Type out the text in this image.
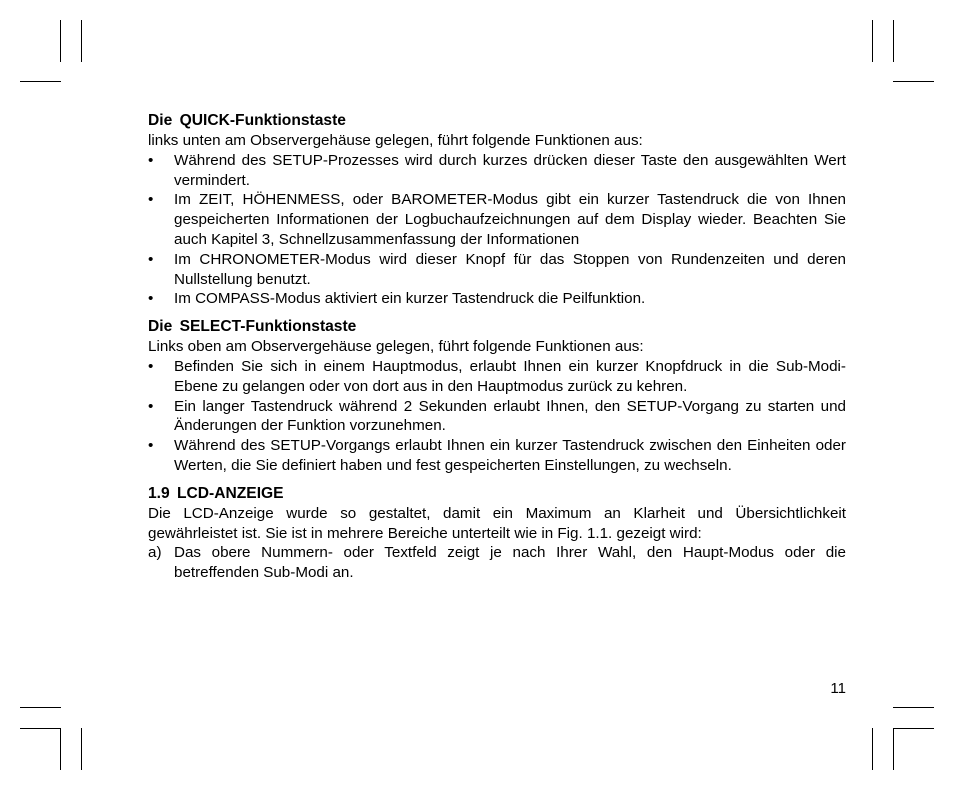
Die QUICK-Funktionstaste

links unten am Observergehäuse gelegen, führt folgende Funktionen aus:

• Während des SETUP-Prozesses wird durch kurzes drücken dieser Taste den ausgewählten Wert vermindert.
• Im ZEIT, HÖHENMESS, oder BAROMETER-Modus gibt ein kurzer Tastendruck die von Ihnen gespeicherten Informationen der Logbuchaufzeichnungen auf dem Display wieder. Beachten Sie auch Kapitel 3, Schnellzusammenfassung der Informationen
• Im CHRONOMETER-Modus wird dieser Knopf für das Stoppen von Rundenzeiten und deren Nullstellung benutzt.
• Im COMPASS-Modus aktiviert ein kurzer Tastendruck die Peilfunktion.
Die SELECT-Funktionstaste

Links oben am Observergehäuse gelegen, führt folgende Funktionen aus:

• Befinden Sie sich in einem Hauptmodus, erlaubt Ihnen ein kurzer Knopfdruck in die Sub-Modi-Ebene zu gelangen oder von dort aus in den Hauptmodus zurück zu kehren.
• Ein langer Tastendruck während 2 Sekunden erlaubt Ihnen, den SETUP-Vorgang zu starten und Änderungen der Funktion vorzunehmen.
• Während des SETUP-Vorgangs erlaubt Ihnen ein kurzer Tastendruck zwischen den Einheiten oder Werten, die Sie definiert haben und fest gespeicherten Einstellungen, zu wechseln.
1.9 LCD-ANZEIGE

Die LCD-Anzeige wurde so gestaltet, damit ein Maximum an Klarheit und Übersichtlichkeit gewährleistet ist. Sie ist in mehrere Bereiche unterteilt wie in Fig. 1.1. gezeigt wird:

a) Das obere Nummern- oder Textfeld zeigt je nach Ihrer Wahl, den Haupt-Modus oder die betreffenden Sub-Modi an.
11
